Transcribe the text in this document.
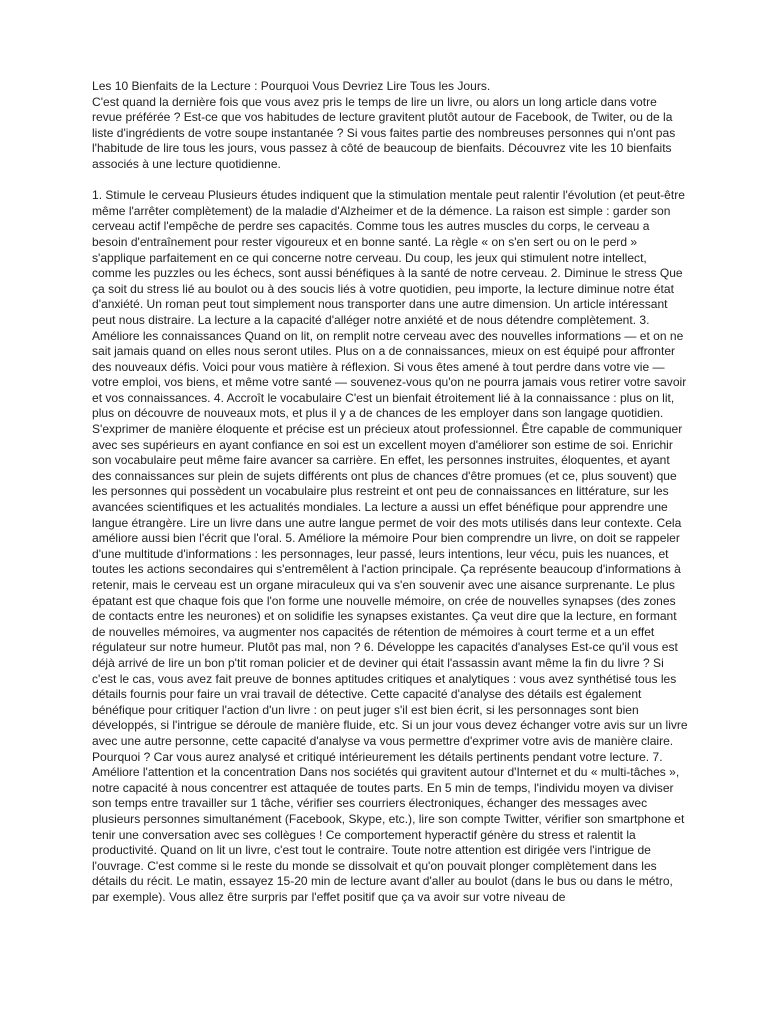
Les 10 Bienfaits de la Lecture : Pourquoi Vous Devriez Lire Tous les Jours.

C'est quand la dernière fois que vous avez pris le temps de lire un livre, ou alors un long article dans votre revue préférée ? Est-ce que vos habitudes de lecture gravitent plutôt autour de Facebook, de Twiter, ou de la liste d'ingrédients de votre soupe instantanée ? Si vous faites partie des nombreuses personnes qui n'ont pas l'habitude de lire tous les jours, vous passez à côté de beaucoup de bienfaits. Découvrez vite les 10 bienfaits associés à une lecture quotidienne.

1. Stimule le cerveau Plusieurs études indiquent que la stimulation mentale peut ralentir l'évolution (et peut-être même l'arrêter complètement) de la maladie d'Alzheimer et de la démence. La raison est simple : garder son cerveau actif l'empêche de perdre ses capacités. Comme tous les autres muscles du corps, le cerveau a besoin d'entraînement pour rester vigoureux et en bonne santé. La règle « on s'en sert ou on le perd » s'applique parfaitement en ce qui concerne notre cerveau. Du coup, les jeux qui stimulent notre intellect, comme les puzzles ou les échecs, sont aussi bénéfiques à la santé de notre cerveau. 2. Diminue le stress Que ça soit du stress lié au boulot ou à des soucis liés à votre quotidien, peu importe, la lecture diminue notre état d'anxiété. Un roman peut tout simplement nous transporter dans une autre dimension. Un article intéressant peut nous distraire. La lecture a la capacité d'alléger notre anxiété et de nous détendre complètement. 3. Améliore les connaissances Quand on lit, on remplit notre cerveau avec des nouvelles informations — et on ne sait jamais quand on elles nous seront utiles. Plus on a de connaissances, mieux on est équipé pour affronter des nouveaux défis. Voici pour vous matière à réflexion. Si vous êtes amené à tout perdre dans votre vie — votre emploi, vos biens, et même votre santé — souvenez-vous qu'on ne pourra jamais vous retirer votre savoir et vos connaissances. 4. Accroît le vocabulaire C'est un bienfait étroitement lié à la connaissance : plus on lit, plus on découvre de nouveaux mots, et plus il y a de chances de les employer dans son langage quotidien. S'exprimer de manière éloquente et précise est un précieux atout professionnel. Être capable de communiquer avec ses supérieurs en ayant confiance en soi est un excellent moyen d'améliorer son estime de soi. Enrichir son vocabulaire peut même faire avancer sa carrière. En effet, les personnes instruites, éloquentes, et ayant des connaissances sur plein de sujets différents ont plus de chances d'être promues (et ce, plus souvent) que les personnes qui possèdent un vocabulaire plus restreint et ont peu de connaissances en littérature, sur les avancées scientifiques et les actualités mondiales. La lecture a aussi un effet bénéfique pour apprendre une langue étrangère. Lire un livre dans une autre langue permet de voir des mots utilisés dans leur contexte. Cela améliore aussi bien l'écrit que l'oral. 5. Améliore la mémoire Pour bien comprendre un livre, on doit se rappeler d'une multitude d'informations : les personnages, leur passé, leurs intentions, leur vécu, puis les nuances, et toutes les actions secondaires qui s'entremêlent à l'action principale. Ça représente beaucoup d'informations à retenir, mais le cerveau est un organe miraculeux qui va s'en souvenir avec une aisance surprenante. Le plus épatant est que chaque fois que l'on forme une nouvelle mémoire, on crée de nouvelles synapses (des zones de contacts entre les neurones) et on solidifie les synapses existantes. Ça veut dire que la lecture, en formant de nouvelles mémoires, va augmenter nos capacités de rétention de mémoires à court terme et a un effet régulateur sur notre humeur. Plutôt pas mal, non ? 6. Développe les capacités d'analyses Est-ce qu'il vous est déjà arrivé de lire un bon p'tit roman policier et de deviner qui était l'assassin avant même la fin du livre ? Si c'est le cas, vous avez fait preuve de bonnes aptitudes critiques et analytiques : vous avez synthétisé tous les détails fournis pour faire un vrai travail de détective. Cette capacité d'analyse des détails est également bénéfique pour critiquer l'action d'un livre : on peut juger s'il est bien écrit, si les personnages sont bien développés, si l'intrigue se déroule de manière fluide, etc. Si un jour vous devez échanger votre avis sur un livre avec une autre personne, cette capacité d'analyse va vous permettre d'exprimer votre avis de manière claire. Pourquoi ? Car vous aurez analysé et critiqué intérieurement les détails pertinents pendant votre lecture. 7. Améliore l'attention et la concentration Dans nos sociétés qui gravitent autour d'Internet et du « multi-tâches », notre capacité à nous concentrer est attaquée de toutes parts. En 5 min de temps, l'individu moyen va diviser son temps entre travailler sur 1 tâche, vérifier ses courriers électroniques, échanger des messages avec plusieurs personnes simultanément (Facebook, Skype, etc.), lire son compte Twitter, vérifier son smartphone et tenir une conversation avec ses collègues ! Ce comportement hyperactif génère du stress et ralentit la productivité. Quand on lit un livre, c'est tout le contraire. Toute notre attention est dirigée vers l'intrigue de l'ouvrage. C'est comme si le reste du monde se dissolvait et qu'on pouvait plonger complètement dans les détails du récit. Le matin, essayez 15-20 min de lecture avant d'aller au boulot (dans le bus ou dans le métro, par exemple). Vous allez être surpris par l'effet positif que ça va avoir sur votre niveau de
